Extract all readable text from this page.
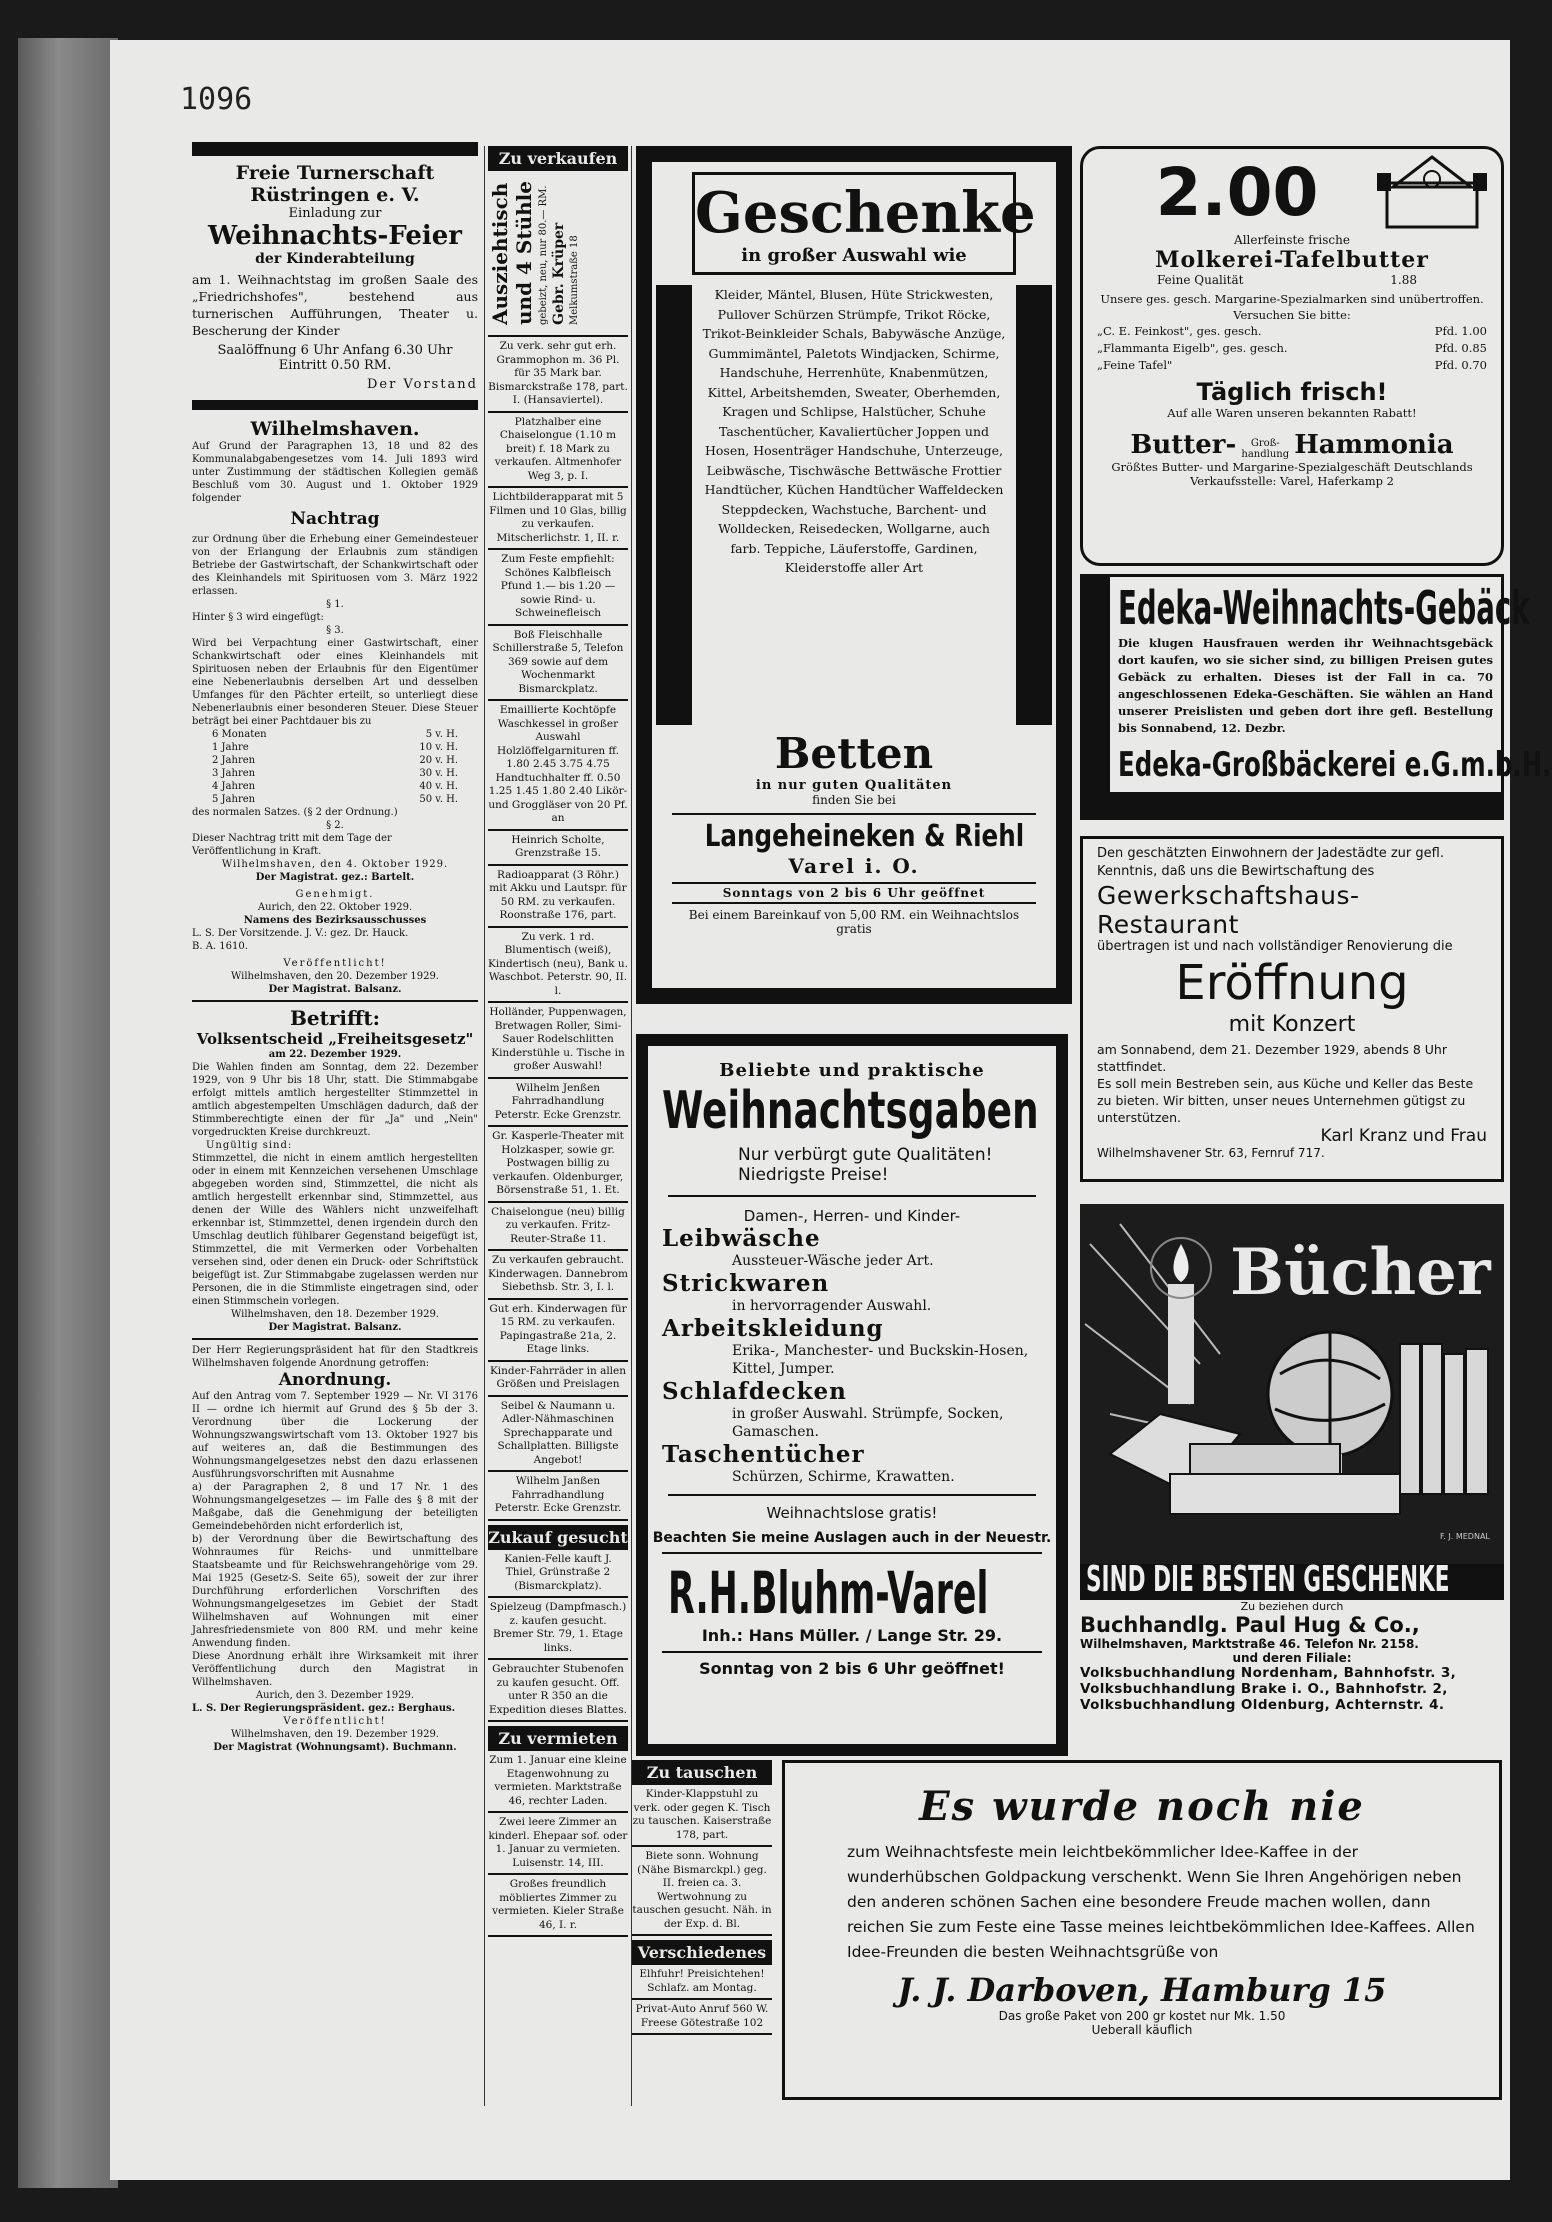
1096
Freie Turnerschaft
Rüstringen e. V.
Einladung zur
Weihnachts-Feier
der Kinderabteilung
am 1. Weihnachtstag im großen Saale des „Friedrichshofes", bestehend aus turnerischen Aufführungen, Theater u. Bescherung der Kinder
Saalöffnung 6 Uhr Anfang 6.30 Uhr
Eintritt 0.50 RM.
Der Vorstand
Wilhelmshaven.
Auf Grund der Paragraphen 13, 18 und 82 des Kommunalabgabengesetzes vom 14. Juli 1893 wird unter Zustimmung der städtischen Kollegien gemäß Beschluß vom 30. August und 1. Oktober 1929 folgender
Nachtrag
zur Ordnung über die Erhebung einer Gemeindesteuer von der Erlangung der Erlaubnis zum ständigen Betriebe der Gastwirtschaft, der Schankwirtschaft oder des Kleinhandels mit Spirituosen vom 3. März 1922 erlassen.
§ 1.
Hinter § 3 wird eingefügt:
§ 3.
Wird bei Verpachtung einer Gastwirtschaft, einer Schankwirtschaft oder eines Kleinhandels mit Spirituosen neben der Erlaubnis für den Eigentümer eine Nebenerlaubnis derselben Art und desselben Umfanges für den Pächter erteilt, so unterliegt diese Nebenerlaubnis einer besonderen Steuer. Diese Steuer beträgt bei einer Pachtdauer bis zu
6 Monaten	5 v. H.
1 Jahre	10 v. H.
2 Jahren	20 v. H.
3 Jahren	30 v. H.
4 Jahren	40 v. H.
5 Jahren	50 v. H.
des normalen Satzes. (§ 2 der Ordnung.)
§ 2.
Dieser Nachtrag tritt mit dem Tage der Veröffentlichung in Kraft.
Wilhelmshaven, den 4. Oktober 1929.
Der Magistrat. gez.: Bartelt.
Genehmigt.
Aurich, den 22. Oktober 1929.
Namens des Bezirksausschusses
L. S. Der Vorsitzende. J. V.: gez. Dr. Hauck.
B. A. 1610.
Veröffentlicht!
Wilhelmshaven, den 20. Dezember 1929.
Der Magistrat. Balsanz.
Betrifft:
Volksentscheid „Freiheitsgesetz"
am 22. Dezember 1929.
Die Wahlen finden am Sonntag, dem 22. Dezember 1929, von 9 Uhr bis 18 Uhr, statt. Die Stimmabgabe erfolgt mittels amtlich hergestellter Stimmzettel in amtlich abgestempelten Umschlägen dadurch, daß der Stimmberechtigte einen der für „Ja" und „Nein" vorgedruckten Kreise durchkreuzt.
Ungültig sind:
Stimmzettel, die nicht in einem amtlich hergestellten oder in einem mit Kennzeichen versehenen Umschlage abgegeben worden sind, Stimmzettel, die nicht als amtlich hergestellt erkennbar sind, Stimmzettel, aus denen der Wille des Wählers nicht unzweifelhaft erkennbar ist, Stimmzettel, denen irgendein durch den Umschlag deutlich fühlbarer Gegenstand beigefügt ist, Stimmzettel, die mit Vermerken oder Vorbehalten versehen sind, oder denen ein Druck- oder Schriftstück beigefügt ist. Zur Stimmabgabe zugelassen werden nur Personen, die in die Stimmliste eingetragen sind, oder einen Stimmschein vorlegen.
Wilhelmshaven, den 18. Dezember 1929.
Der Magistrat. Balsanz.
Der Herr Regierungspräsident hat für den Stadtkreis Wilhelmshaven folgende Anordnung getroffen:
Anordnung.
Auf den Antrag vom 7. September 1929 — Nr. VI 3176 II — ordne ich hiermit auf Grund des § 5b der 3. Verordnung über die Lockerung der Wohnungszwangswirtschaft vom 13. Oktober 1927 bis auf weiteres an, daß die Bestimmungen des Wohnungsmangelgesetzes nebst den dazu erlassenen Ausführungsvorschriften mit Ausnahme
a) der Paragraphen 2, 8 und 17 Nr. 1 des Wohnungsmangelgesetzes — im Falle des § 8 mit der Maßgabe, daß die Genehmigung der beteiligten Gemeindebehörden nicht erforderlich ist,
b) der Verordnung über die Bewirtschaftung des Wohnraumes für Reichs- und unmittelbare Staatsbeamte und für Reichswehrangehörige vom 29. Mai 1925 (Gesetz-S. Seite 65), soweit der zur ihrer Durchführung erforderlichen Vorschriften des Wohnungsmangelgesetzes im Gebiet der Stadt Wilhelmshaven auf Wohnungen mit einer Jahresfriedensmiete von 800 RM. und mehr keine Anwendung finden.
Diese Anordnung erhält ihre Wirksamkeit mit ihrer Veröffentlichung durch den Magistrat in Wilhelmshaven.
Aurich, den 3. Dezember 1929.
L. S. Der Regierungspräsident. gez.: Berghaus.
Veröffentlicht!
Wilhelmshaven, den 19. Dezember 1929.
Der Magistrat (Wohnungsamt). Buchmann.
Zu verkaufen
Ausziehtisch und 4 Stühle gebeizt, neu, nur 80.— RM. Gebr. Krüper Melkumstraße 18
Zu verk. sehr gut erh. Grammophon m. 36 Pl. für 35 Mark bar. Bismarckstraße 178, part. I. (Hansaviertel).
Platzhalber eine Chaiselongue (1.10 m breit) f. 18 Mark zu verkaufen. Altmenhofer Weg 3, p. I.
Lichtbilderapparat mit 5 Filmen und 10 Glas, billig zu verkaufen. Mitscherlichstr. 1, II. r.
Zum Feste empfiehlt: Schönes Kalbfleisch Pfund 1.— bis 1.20 — sowie Rind- u. Schweinefleisch
Boß Fleischhalle Schillerstraße 5, Telefon 369 sowie auf dem Wochenmarkt Bismarckplatz.
Emaillierte Kochtöpfe Waschkessel in großer Auswahl Holzlöffelgarnituren ff. 1.80 2.45 3.75 4.75 Handtuchhalter ff. 0.50 1.25 1.45 1.80 2.40 Likör- und Groggläser von 20 Pf. an
Heinrich Scholte, Grenzstraße 15.
Radioapparat (3 Röhr.) mit Akku und Lautspr. für 50 RM. zu verkaufen. Roonstraße 176, part.
Zu verk. 1 rd. Blumentisch (weiß), Kindertisch (neu), Bank u. Waschbot. Peterstr. 90, II. l.
Holländer, Puppenwagen, Bretwagen Roller, Simi-Sauer Rodelschlitten Kinderstühle u. Tische in großer Auswahl!
Wilhelm Jenßen Fahrradhandlung Peterstr. Ecke Grenzstr.
Gr. Kasperle-Theater mit Holzkasper, sowie gr. Postwagen billig zu verkaufen. Oldenburger, Börsenstraße 51, 1. Et.
Chaiselongue (neu) billig zu verkaufen. Fritz-Reuter-Straße 11.
Zu verkaufen gebraucht. Kinderwagen. Dannebrom Siebethsb. Str. 3, I. l.
Gut erh. Kinderwagen für 15 RM. zu verkaufen. Papingastraße 21a, 2. Etage links.
Kinder-Fahrräder in allen Größen und Preislagen
Seibel & Naumann u. Adler-Nähmaschinen Sprechapparate und Schallplatten. Billigste Angebot!
Wilhelm Janßen Fahrradhandlung Peterstr. Ecke Grenzstr.
Zukauf gesucht
Kanien-Felle kauft J. Thiel, Grünstraße 2 (Bismarckplatz).
Spielzeug (Dampfmasch.) z. kaufen gesucht. Bremer Str. 79, 1. Etage links.
Gebrauchter Stubenofen zu kaufen gesucht. Off. unter R 350 an die Expedition dieses Blattes.
Zu vermieten
Zum 1. Januar eine kleine Etagenwohnung zu vermieten. Marktstraße 46, rechter Laden.
Zwei leere Zimmer an kinderl. Ehepaar sof. oder 1. Januar zu vermieten. Luisenstr. 14, III.
Großes freundlich möbliertes Zimmer zu vermieten. Kieler Straße 46, I. r.
Zu tauschen
Kinder-Klappstuhl zu verk. oder gegen K. Tisch zu tauschen. Kaiserstraße 178, part.
Biete sonn. Wohnung (Nähe Bismarckpl.) geg. II. freien ca. 3. Wertwohnung zu tauschen gesucht. Näh. in der Exp. d. Bl.
Verschiedenes
Elhfuhr! Preisichtehen! Schlafz. am Montag.
Privat-Auto Anruf 560 W. Freese Götestraße 102
Geschenke
in großer Auswahl wie
Kleider, Mäntel, Blusen, Hüte Strickwesten, Pullover Schürzen Strümpfe, Trikot Röcke, Trikot-Beinkleider Schals, Babywäsche Anzüge, Gummimäntel, Paletots Windjacken, Schirme, Handschuhe, Herrenhüte, Knabenmützen, Kittel, Arbeitshemden, Sweater, Oberhemden, Kragen und Schlipse, Halstücher, Schuhe Taschentücher, Kavaliertücher Joppen und Hosen, Hosenträger Handschuhe, Unterzeuge, Leibwäsche, Tischwäsche Bettwäsche Frottier Handtücher, Küchen Handtücher Waffeldecken Steppdecken, Wachstuche, Barchent- und Wolldecken, Reisedecken, Wollgarne, auch farb. Teppiche, Läuferstoffe, Gardinen, Kleiderstoffe aller Art
Betten
in nur guten Qualitäten
finden Sie bei
Langeheineken & Riehl
Varel i. O.
Sonntags von 2 bis 6 Uhr geöffnet
Bei einem Bareinkauf von 5,00 RM. ein Weihnachtslos gratis
Beliebte und praktische
Weihnachtsgaben
Nur verbürgt gute Qualitäten!
Niedrigste Preise!
Damen-, Herren- und Kinder-
Leibwäsche
Aussteuer-Wäsche jeder Art.
Strickwaren
in hervorragender Auswahl.
Arbeitskleidung
Erika-, Manchester- und Buckskin-Hosen, Kittel, Jumper.
Schlafdecken
in großer Auswahl. Strümpfe, Socken, Gamaschen.
Taschentücher
Schürzen, Schirme, Krawatten.
Weihnachtslose gratis!
Beachten Sie meine Auslagen auch in der Neuestr.
R.H.Bluhm-Varel
Inh.: Hans Müller. / Lange Str. 29.
Sonntag von 2 bis 6 Uhr geöffnet!
2.00
Allerfeinste frische
Molkerei-Tafelbutter
Feine Qualität	1.88
Unsere ges. gesch. Margarine-Spezialmarken sind unübertroffen. Versuchen Sie bitte:
„C. E. Feinkost", ges. gesch.	Pfd. 1.00
„Flammanta Eigelb", ges. gesch.	Pfd. 0.85
„Feine Tafel"	Pfd. 0.70
Täglich frisch!
Auf alle Waren unseren bekannten Rabatt!
Butter- Groß-
handlung Hammonia
Größtes Butter- und Margarine-Spezialgeschäft Deutschlands
Verkaufsstelle: Varel, Haferkamp 2
Edeka-Weihnachts-Gebäck
Die klugen Hausfrauen werden ihr Weihnachtsgebäck dort kaufen, wo sie sicher sind, zu billigen Preisen gutes Gebäck zu erhalten. Dieses ist der Fall in ca. 70 angeschlossenen Edeka-Geschäften. Sie wählen an Hand unserer Preislisten und geben dort ihre gefl. Bestellung bis Sonnabend, 12. Dezbr.
Edeka-Großbäckerei e.G.m.b.H.
Den geschätzten Einwohnern der Jadestädte zur gefl. Kenntnis, daß uns die Bewirtschaftung des
Gewerkschaftshaus-Restaurant
übertragen ist und nach vollständiger Renovierung die
Eröffnung
mit Konzert
am Sonnabend, dem 21. Dezember 1929, abends 8 Uhr stattfindet.
Es soll mein Bestreben sein, aus Küche und Keller das Beste zu bieten. Wir bitten, unser neues Unternehmen gütigst zu unterstützen.
Karl Kranz und Frau
Wilhelmshavener Str. 63, Fernruf 717.
Bücher
F. J. MEDNAL
SIND DIE BESTEN GESCHENKE
Zu beziehen durch
Buchhandlg. Paul Hug & Co.,
Wilhelmshaven, Marktstraße 46. Telefon Nr. 2158.
und deren Filiale:
Volksbuchhandlung Nordenham, Bahnhofstr. 3,
Volksbuchhandlung Brake i. O., Bahnhofstr. 2,
Volksbuchhandlung Oldenburg, Achternstr. 4.
Es wurde noch nie
zum Weihnachtsfeste mein leichtbekömmlicher Idee-Kaffee in der wunderhübschen Goldpackung verschenkt. Wenn Sie Ihren Angehörigen neben den anderen schönen Sachen eine besondere Freude machen wollen, dann reichen Sie zum Feste eine Tasse meines leichtbekömmlichen Idee-Kaffees. Allen Idee-Freunden die besten Weihnachtsgrüße von
J. J. Darboven, Hamburg 15
Das große Paket von 200 gr kostet nur Mk. 1.50
Ueberall käuflich
